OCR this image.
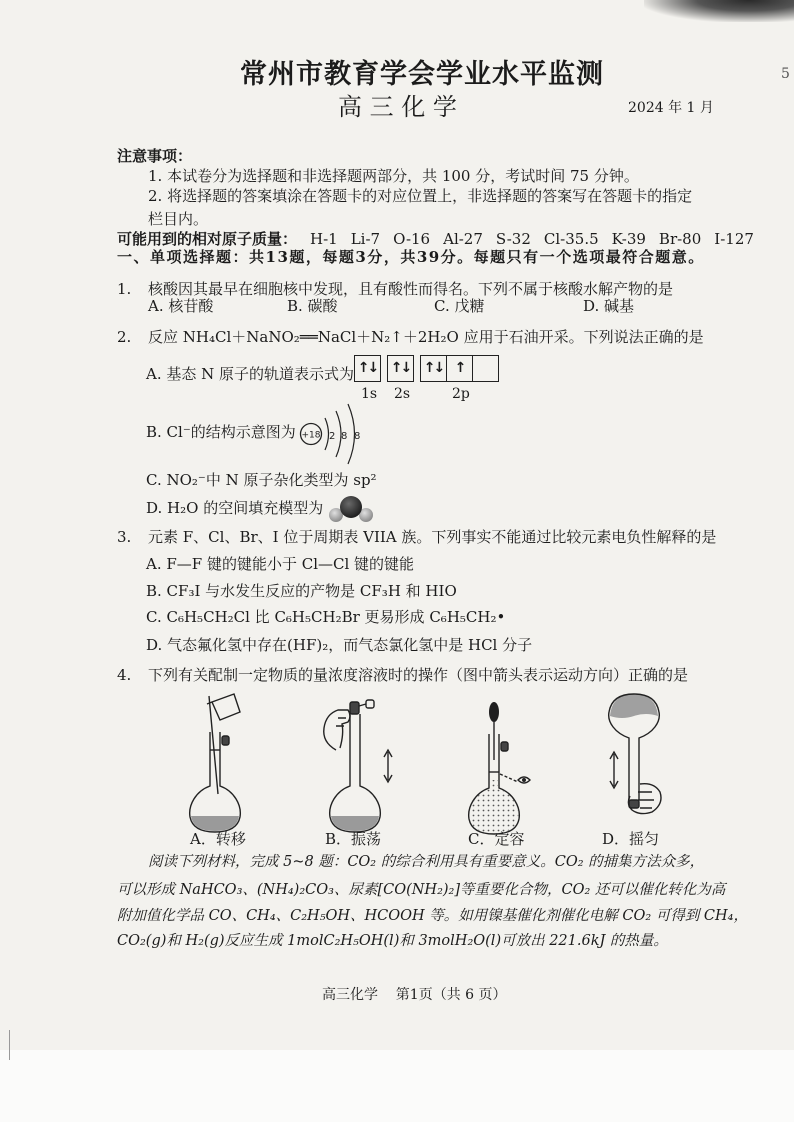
常州市教育学会学业水平监测
高 三 化 学	2024 年 1 月
5
注意事项：
1. 本试卷分为选择题和非选择题两部分，共 100 分，考试时间 75 分钟。
2. 将选择题的答案填涂在答题卡的对应位置上，非选择题的答案写在答题卡的指定
栏目内。
可能用到的相对原子质量： H-1 Li-7 O-16 Al-27 S-32 Cl-35.5 K-39 Br-80 I-127
一、单项选择题：共13题，每题3分，共39分。每题只有一个选项最符合题意。
1. 核酸因其最早在细胞核中发现，且有酸性而得名。下列不属于核酸水解产物的是
A. 核苷酸	B. 碳酸	C. 戊糖	D. 碱基
2. 反应 NH₄Cl＋NaNO₂══NaCl＋N₂↑＋2H₂O 应用于石油开采。下列说法正确的是
A. 基态 N 原子的轨道表示式为 ↑↓ ↑↓ ↑↓ ↑
1s 2s	2p
B. Cl⁻的结构示意图为 +18 2 8 8
C. NO₂⁻中 N 原子杂化类型为 sp²
D. H₂O 的空间填充模型为
3. 元素 F、Cl、Br、I 位于周期表 VIIA 族。下列事实不能通过比较元素电负性解释的是
A. F—F 键的键能小于 Cl—Cl 键的键能
B. CF₃I 与水发生反应的产物是 CF₃H 和 HIO
C. C₆H₅CH₂Cl 比 C₆H₅CH₂Br 更易形成 C₆H₅CH₂•
D. 气态氟化氢中存在(HF)₂，而气态氯化氢中是 HCl 分子
4. 下列有关配制一定物质的量浓度溶液时的操作（图中箭头表示运动方向）正确的是
A．转移	B．振荡	C．定容	D．摇匀
阅读下列材料，完成 5~8 题：CO₂ 的综合利用具有重要意义。CO₂ 的捕集方法众多，
可以形成 NaHCO₃、(NH₄)₂CO₃、尿素[CO(NH₂)₂]等重要化合物，CO₂ 还可以催化转化为高
附加值化学品 CO、CH₄、C₂H₅OH、HCOOH 等。如用镍基催化剂催化电解 CO₂ 可得到 CH₄，
CO₂(g)和 H₂(g)反应生成 1molC₂H₅OH(l)和 3molH₂O(l)可放出 221.6kJ 的热量。
高三化学    第1页（共 6 页）
